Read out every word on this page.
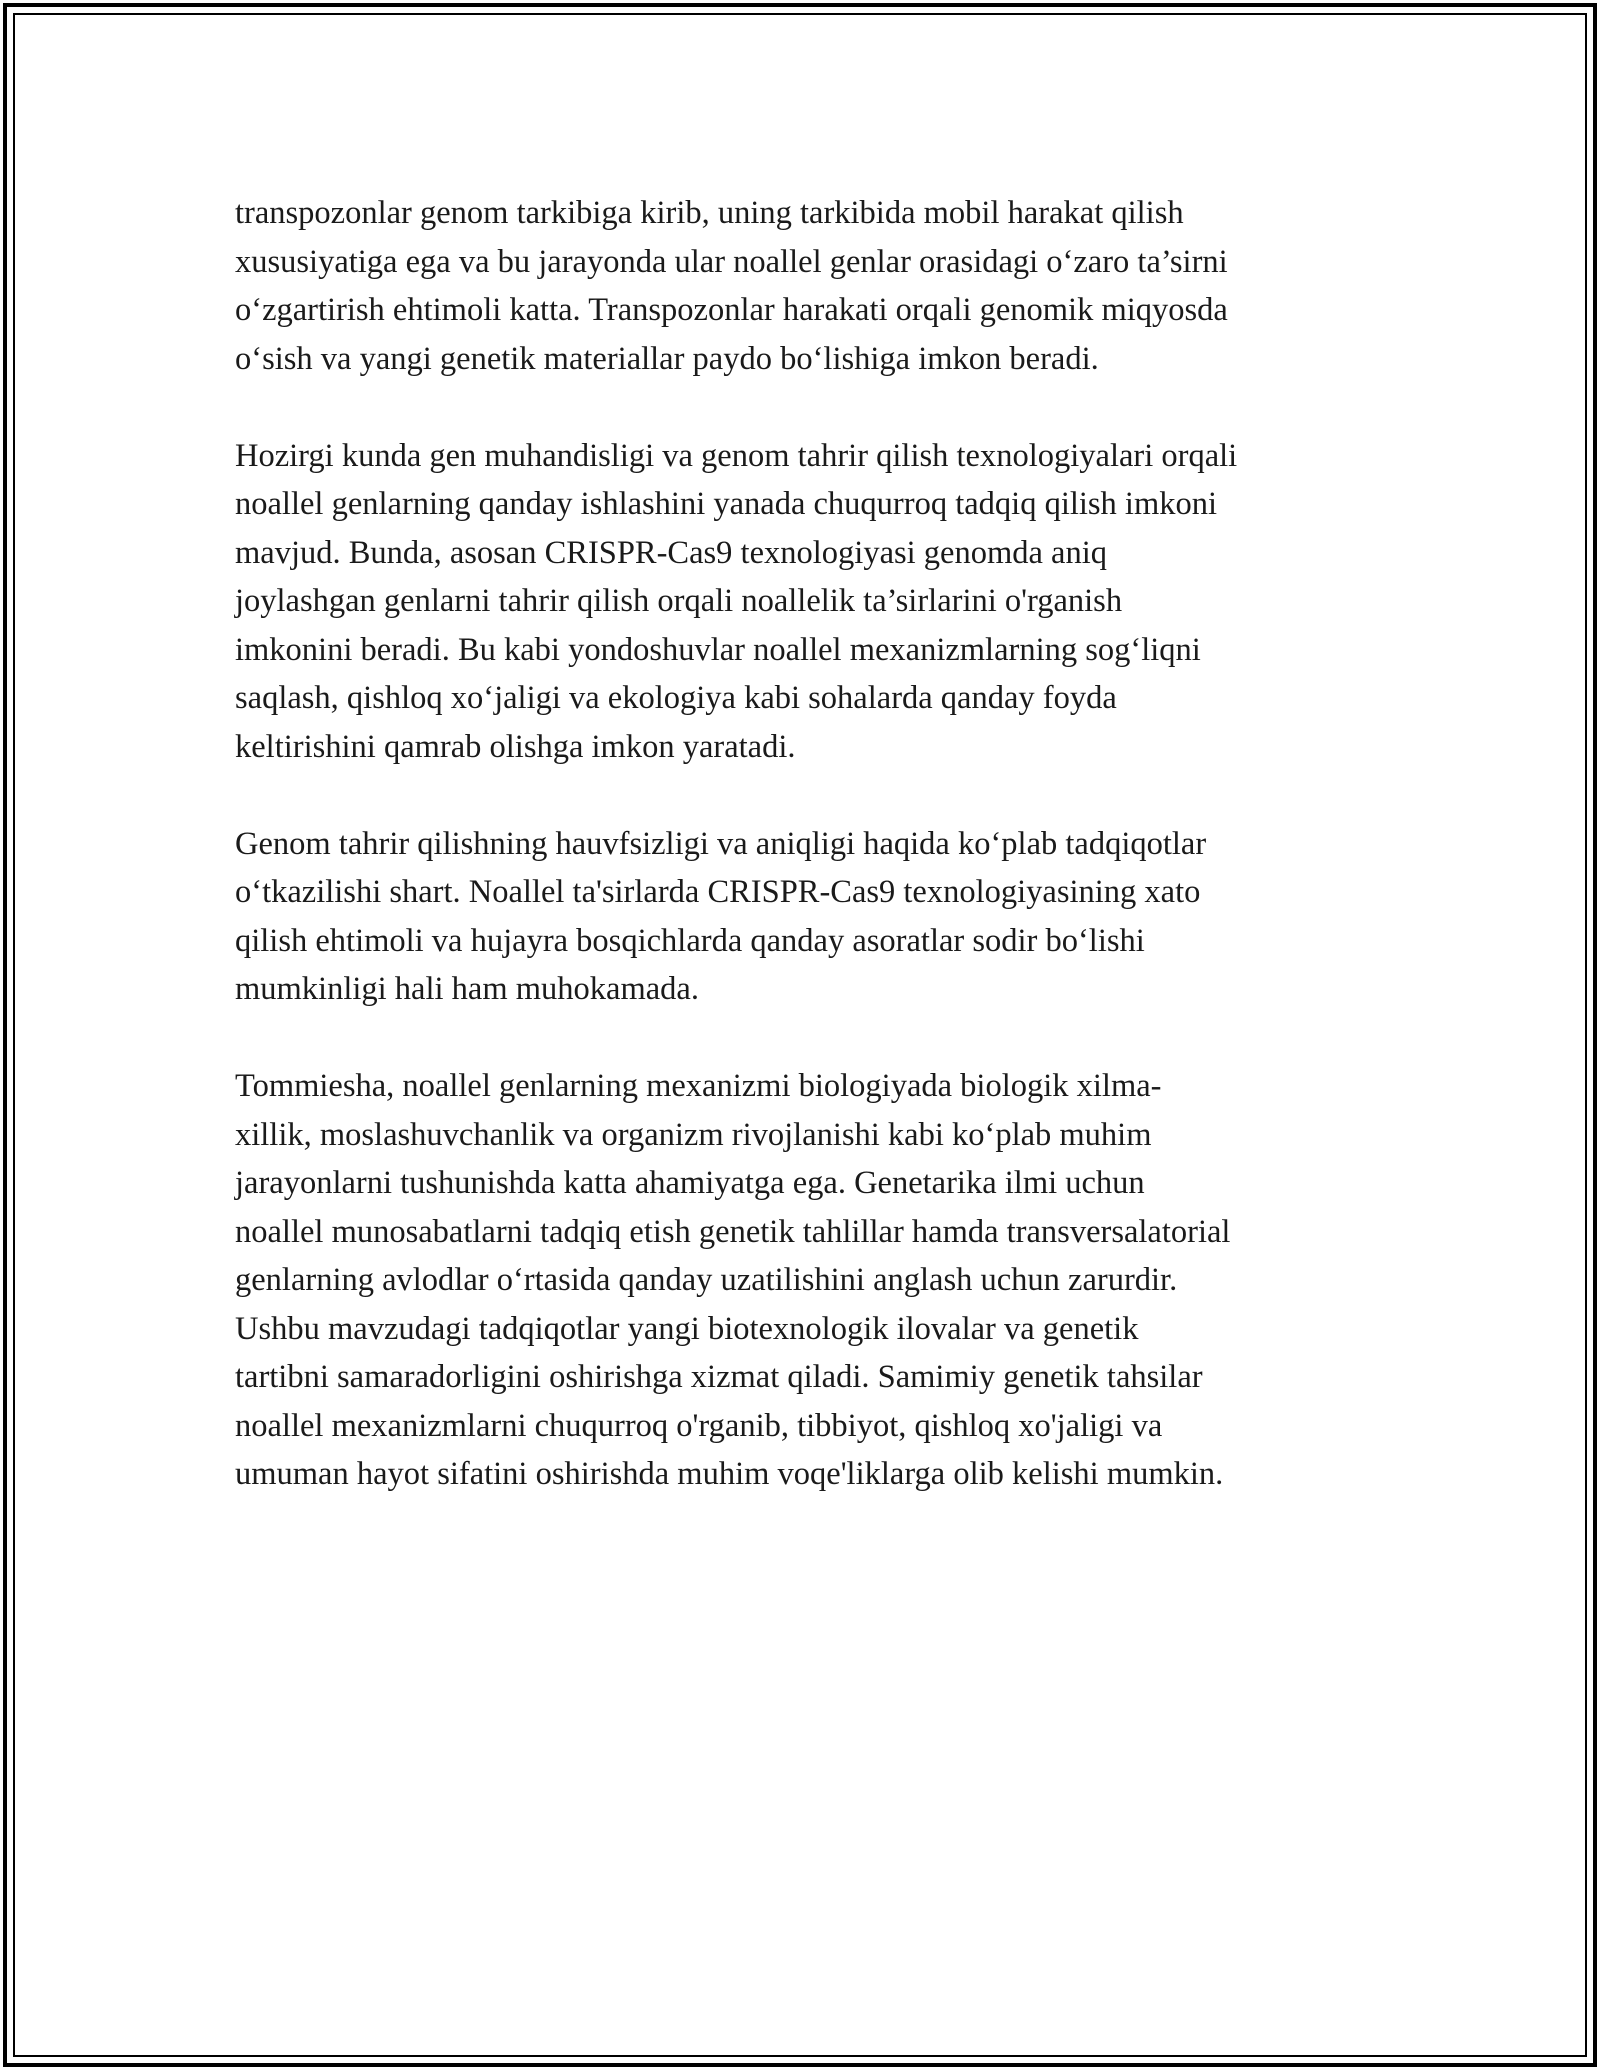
transpozonlar genom tarkibiga kirib, uning tarkibida mobil harakat qilish
xususiyatiga ega va bu jarayonda ular noallel genlar orasidagi o‘zaro ta’sirni
o‘zgartirish ehtimoli katta. Transpozonlar harakati orqali genomik miqyosda
o‘sish va yangi genetik materiallar paydo bo‘lishiga imkon beradi.

Hozirgi kunda gen muhandisligi va genom tahrir qilish texnologiyalari orqali
noallel genlarning qanday ishlashini yanada chuqurroq tadqiq qilish imkoni
mavjud. Bunda, asosan CRISPR-Cas9 texnologiyasi genomda aniq
joylashgan genlarni tahrir qilish orqali noallelik ta’sirlarini o'rganish
imkonini beradi. Bu kabi yondoshuvlar noallel mexanizmlarning sog‘liqni
saqlash, qishloq xo‘jaligi va ekologiya kabi sohalarda qanday foyda
keltirishini qamrab olishga imkon yaratadi.

Genom tahrir qilishning hauvfsizligi va aniqligi haqida ko‘plab tadqiqotlar
o‘tkazilishi shart. Noallel ta'sirlarda CRISPR-Cas9 texnologiyasining xato
qilish ehtimoli va hujayra bosqichlarda qanday asoratlar sodir bo‘lishi
mumkinligi hali ham muhokamada.

Tommiesha, noallel genlarning mexanizmi biologiyada biologik xilma-
xillik, moslashuvchanlik va organizm rivojlanishi kabi ko‘plab muhim
jarayonlarni tushunishda katta ahamiyatga ega. Genetarika ilmi uchun
noallel munosabatlarni tadqiq etish genetik tahlillar hamda transversalatorial
genlarning avlodlar o‘rtasida qanday uzatilishini anglash uchun zarurdir.
Ushbu mavzudagi tadqiqotlar yangi biotexnologik ilovalar va genetik
tartibni samaradorligini oshirishga xizmat qiladi. Samimiy genetik tahsilar
noallel mexanizmlarni chuqurroq o'rganib, tibbiyot, qishloq xo'jaligi va
umuman hayot sifatini oshirishda muhim voqe'liklarga olib kelishi mumkin.
